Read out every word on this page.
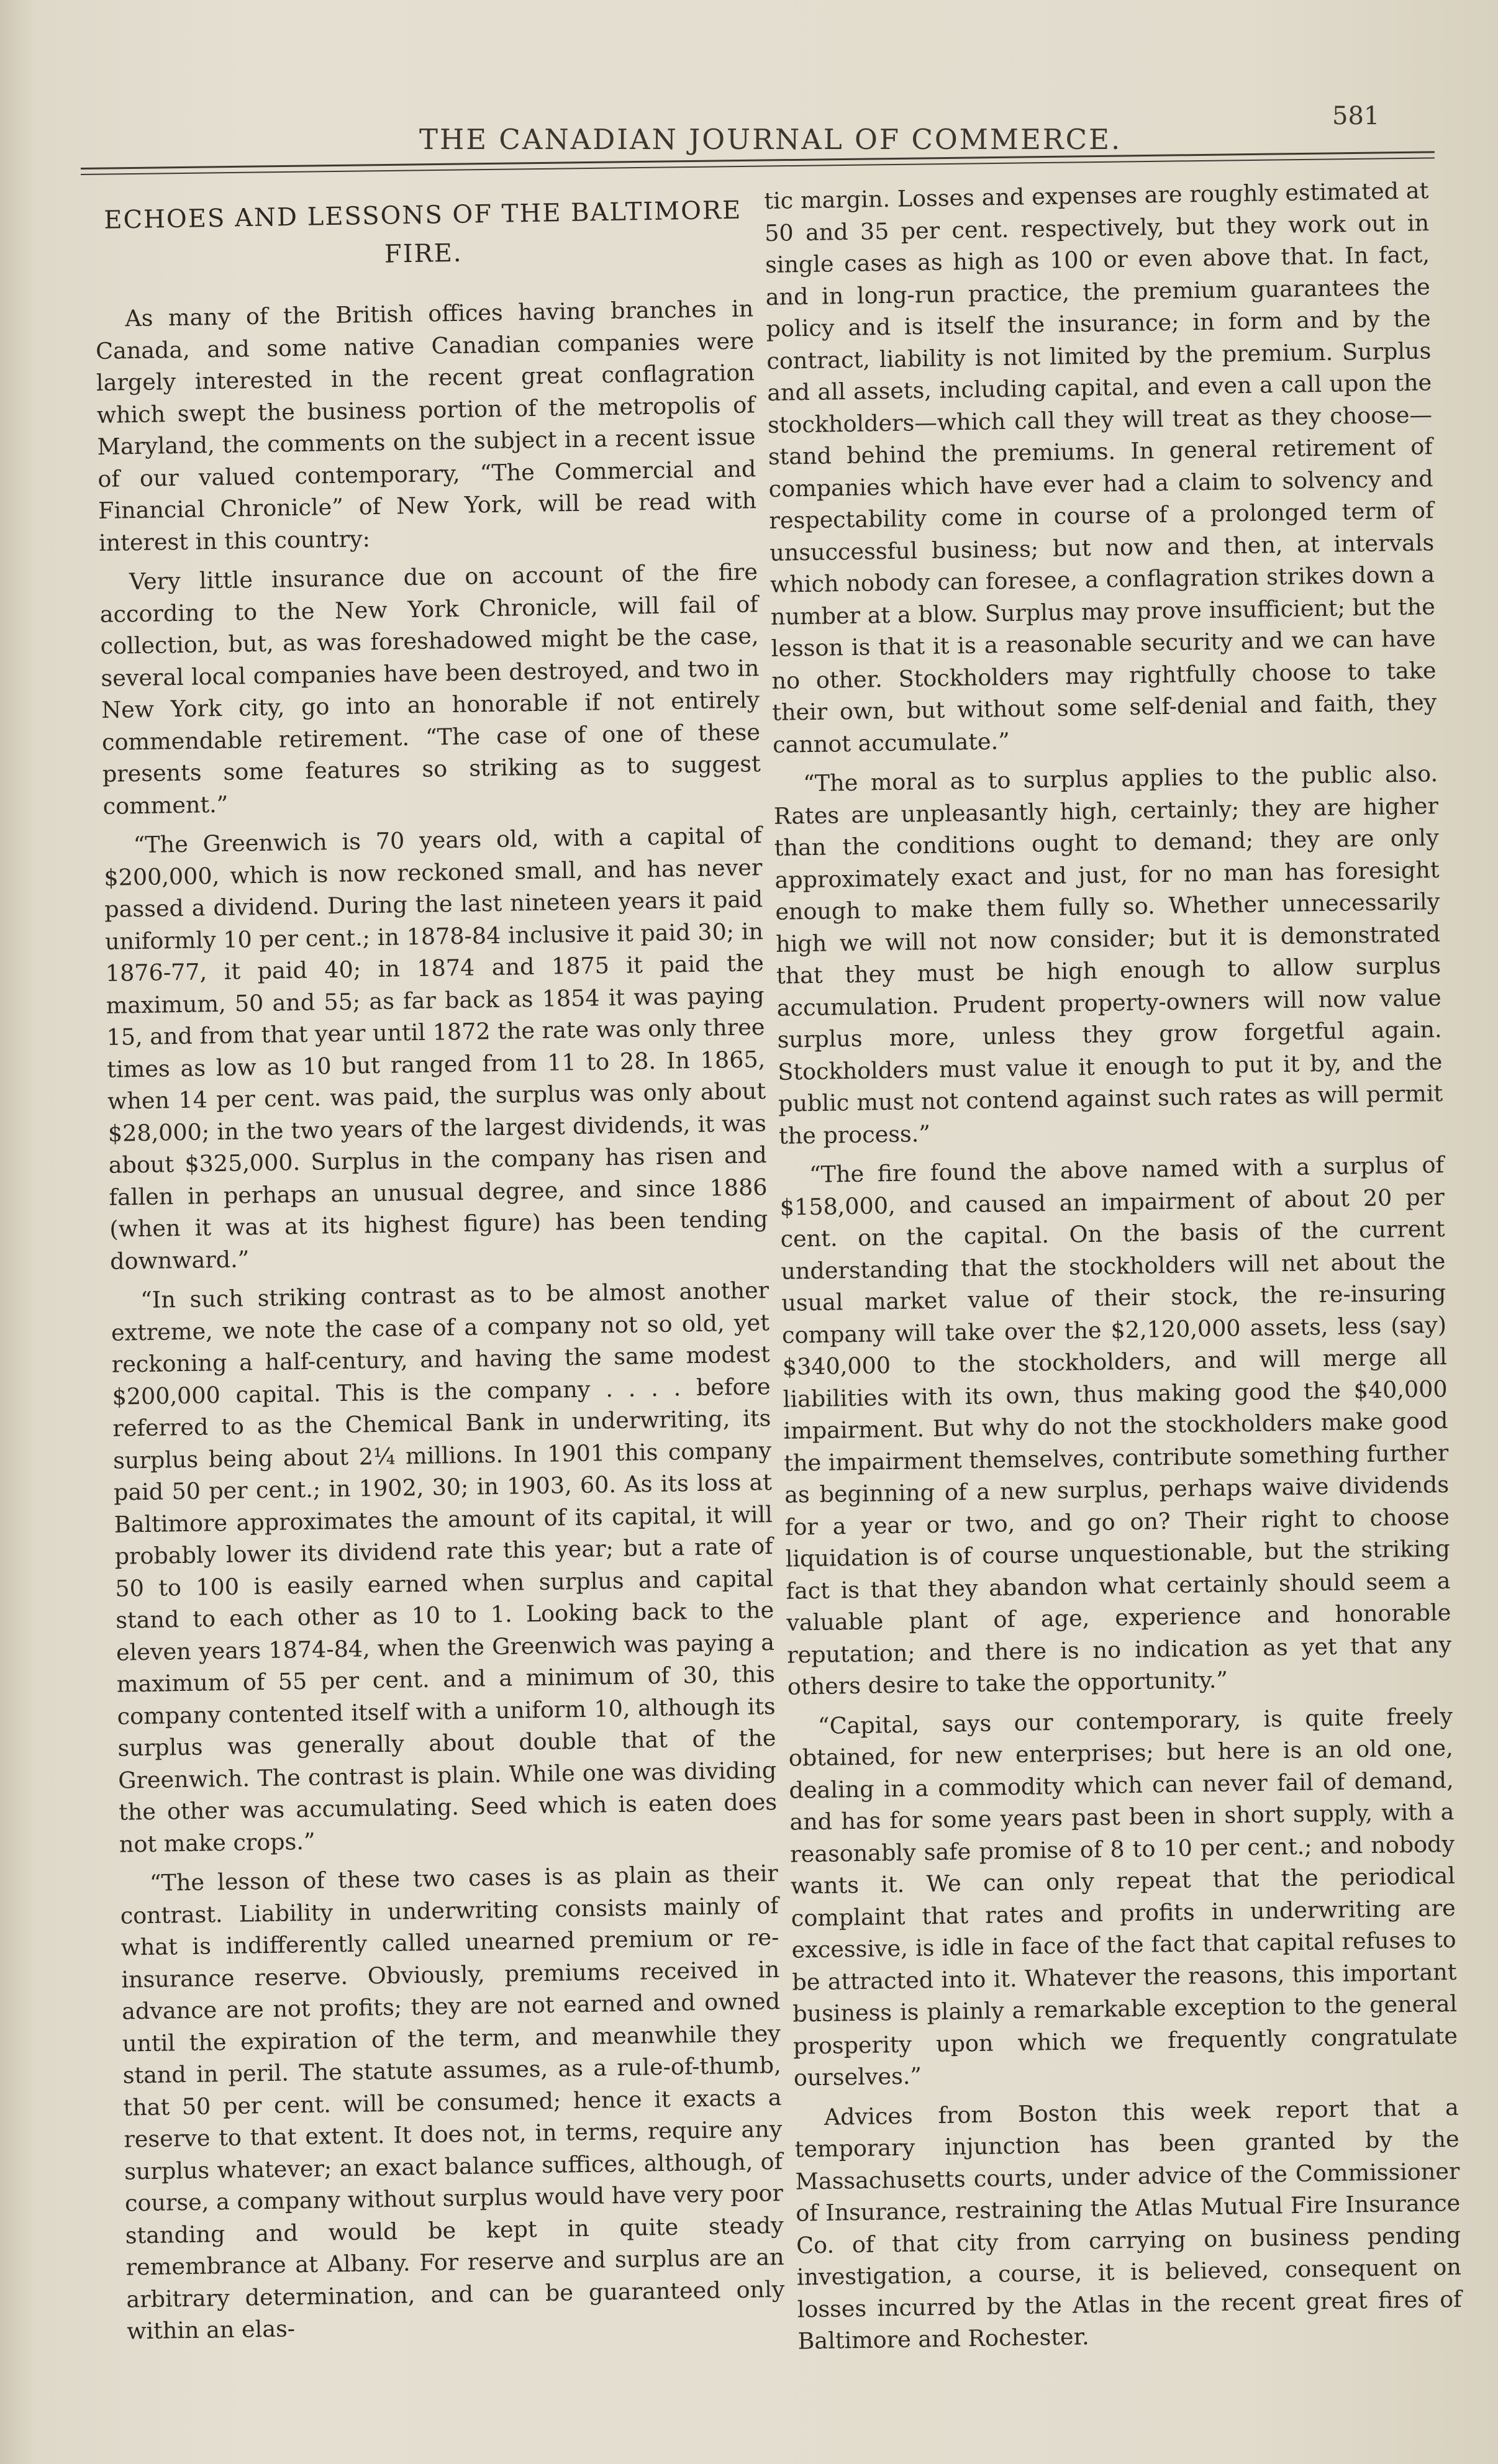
THE CANADIAN JOURNAL OF COMMERCE.
581
ECHOES AND LESSONS OF THE BALTIMORE
FIRE.

As many of the British offices having branches in Canada, and some native Canadian companies were largely interested in the recent great conflagration which swept the business portion of the metropolis of Maryland, the comments on the subject in a recent issue of our valued contemporary, “The Commercial and Financial Chronicle” of New York, will be read with interest in this country:

Very little insurance due on account of the fire according to the New York Chronicle, will fail of collection, but, as was foreshadowed might be the case, several local companies have been destroyed, and two in New York city, go into an honorable if not entirely commendable retirement. “The case of one of these presents some features so striking as to suggest comment.”

“The Greenwich is 70 years old, with a capital of $200,000, which is now reckoned small, and has never passed a dividend. During the last nineteen years it paid uniformly 10 per cent.; in 1878-84 inclusive it paid 30; in 1876-77, it paid 40; in 1874 and 1875 it paid the maximum, 50 and 55; as far back as 1854 it was paying 15, and from that year until 1872 the rate was only three times as low as 10 but ranged from 11 to 28. In 1865, when 14 per cent. was paid, the surplus was only about $28,000; in the two years of the largest dividends, it was about $325,000. Surplus in the company has risen and fallen in perhaps an unusual degree, and since 1886 (when it was at its highest figure) has been tending downward.”

“In such striking contrast as to be almost another extreme, we note the case of a company not so old, yet reckoning a half-century, and having the same modest $200,000 capital. This is the company . . . . before referred to as the Chemical Bank in underwriting, its surplus being about 2¼ millions. In 1901 this company paid 50 per cent.; in 1902, 30; in 1903, 60. As its loss at Baltimore approximates the amount of its capital, it will probably lower its dividend rate this year; but a rate of 50 to 100 is easily earned when surplus and capital stand to each other as 10 to 1. Looking back to the eleven years 1874-84, when the Greenwich was paying a maximum of 55 per cent. and a minimum of 30, this company contented itself with a uniform 10, although its surplus was generally about double that of the Greenwich. The contrast is plain. While one was dividing the other was accumulating. Seed which is eaten does not make crops.”

“The lesson of these two cases is as plain as their contrast. Liability in underwriting consists mainly of what is indifferently called unearned premium or re-insurance reserve. Obviously, premiums received in advance are not profits; they are not earned and owned until the expiration of the term, and meanwhile they stand in peril. The statute assumes, as a rule-of-thumb, that 50 per cent. will be consumed; hence it exacts a reserve to that extent. It does not, in terms, require any surplus whatever; an exact balance suffices, although, of course, a company without surplus would have very poor standing and would be kept in quite steady remembrance at Albany. For reserve and surplus are an arbitrary determination, and can be guaranteed only within an elas-

tic margin. Losses and expenses are roughly estimated at 50 and 35 per cent. respectively, but they work out in single cases as high as 100 or even above that. In fact, and in long-run practice, the premium guarantees the policy and is itself the insurance; in form and by the contract, liability is not limited by the premium. Surplus and all assets, including capital, and even a call upon the stockholders—which call they will treat as they choose—stand behind the premiums. In general retirement of companies which have ever had a claim to solvency and respectability come in course of a prolonged term of unsuccessful business; but now and then, at intervals which nobody can foresee, a conflagration strikes down a number at a blow. Surplus may prove insufficient; but the lesson is that it is a reasonable security and we can have no other. Stockholders may rightfully choose to take their own, but without some self-denial and faith, they cannot accumulate.”

“The moral as to surplus applies to the public also. Rates are unpleasantly high, certainly; they are higher than the conditions ought to demand; they are only approximately exact and just, for no man has foresight enough to make them fully so. Whether unnecessarily high we will not now consider; but it is demonstrated that they must be high enough to allow surplus accumulation. Prudent property-owners will now value surplus more, unless they grow forgetful again. Stockholders must value it enough to put it by, and the public must not contend against such rates as will permit the process.”

“The fire found the above named with a surplus of $158,000, and caused an impairment of about 20 per cent. on the capital. On the basis of the current understanding that the stockholders will net about the usual market value of their stock, the re-insuring company will take over the $2,120,000 assets, less (say) $340,000 to the stockholders, and will merge all liabilities with its own, thus making good the $40,000 impairment. But why do not the stockholders make good the impairment themselves, contribute something further as beginning of a new surplus, perhaps waive dividends for a year or two, and go on? Their right to choose liquidation is of course unquestionable, but the striking fact is that they abandon what certainly should seem a valuable plant of age, experience and honorable reputation; and there is no indication as yet that any others desire to take the opportunity.”

“Capital, says our contemporary, is quite freely obtained, for new enterprises; but here is an old one, dealing in a commodity which can never fail of demand, and has for some years past been in short supply, with a reasonably safe promise of 8 to 10 per cent.; and nobody wants it. We can only repeat that the periodical complaint that rates and profits in underwriting are excessive, is idle in face of the fact that capital refuses to be attracted into it. Whatever the reasons, this important business is plainly a remarkable exception to the general prosperity upon which we frequently congratulate ourselves.”

Advices from Boston this week report that a temporary injunction has been granted by the Massachusetts courts, under advice of the Commissioner of Insurance, restraining the Atlas Mutual Fire Insurance Co. of that city from carrying on business pending investigation, a course, it is believed, consequent on losses incurred by the Atlas in the recent great fires of Baltimore and Rochester.
